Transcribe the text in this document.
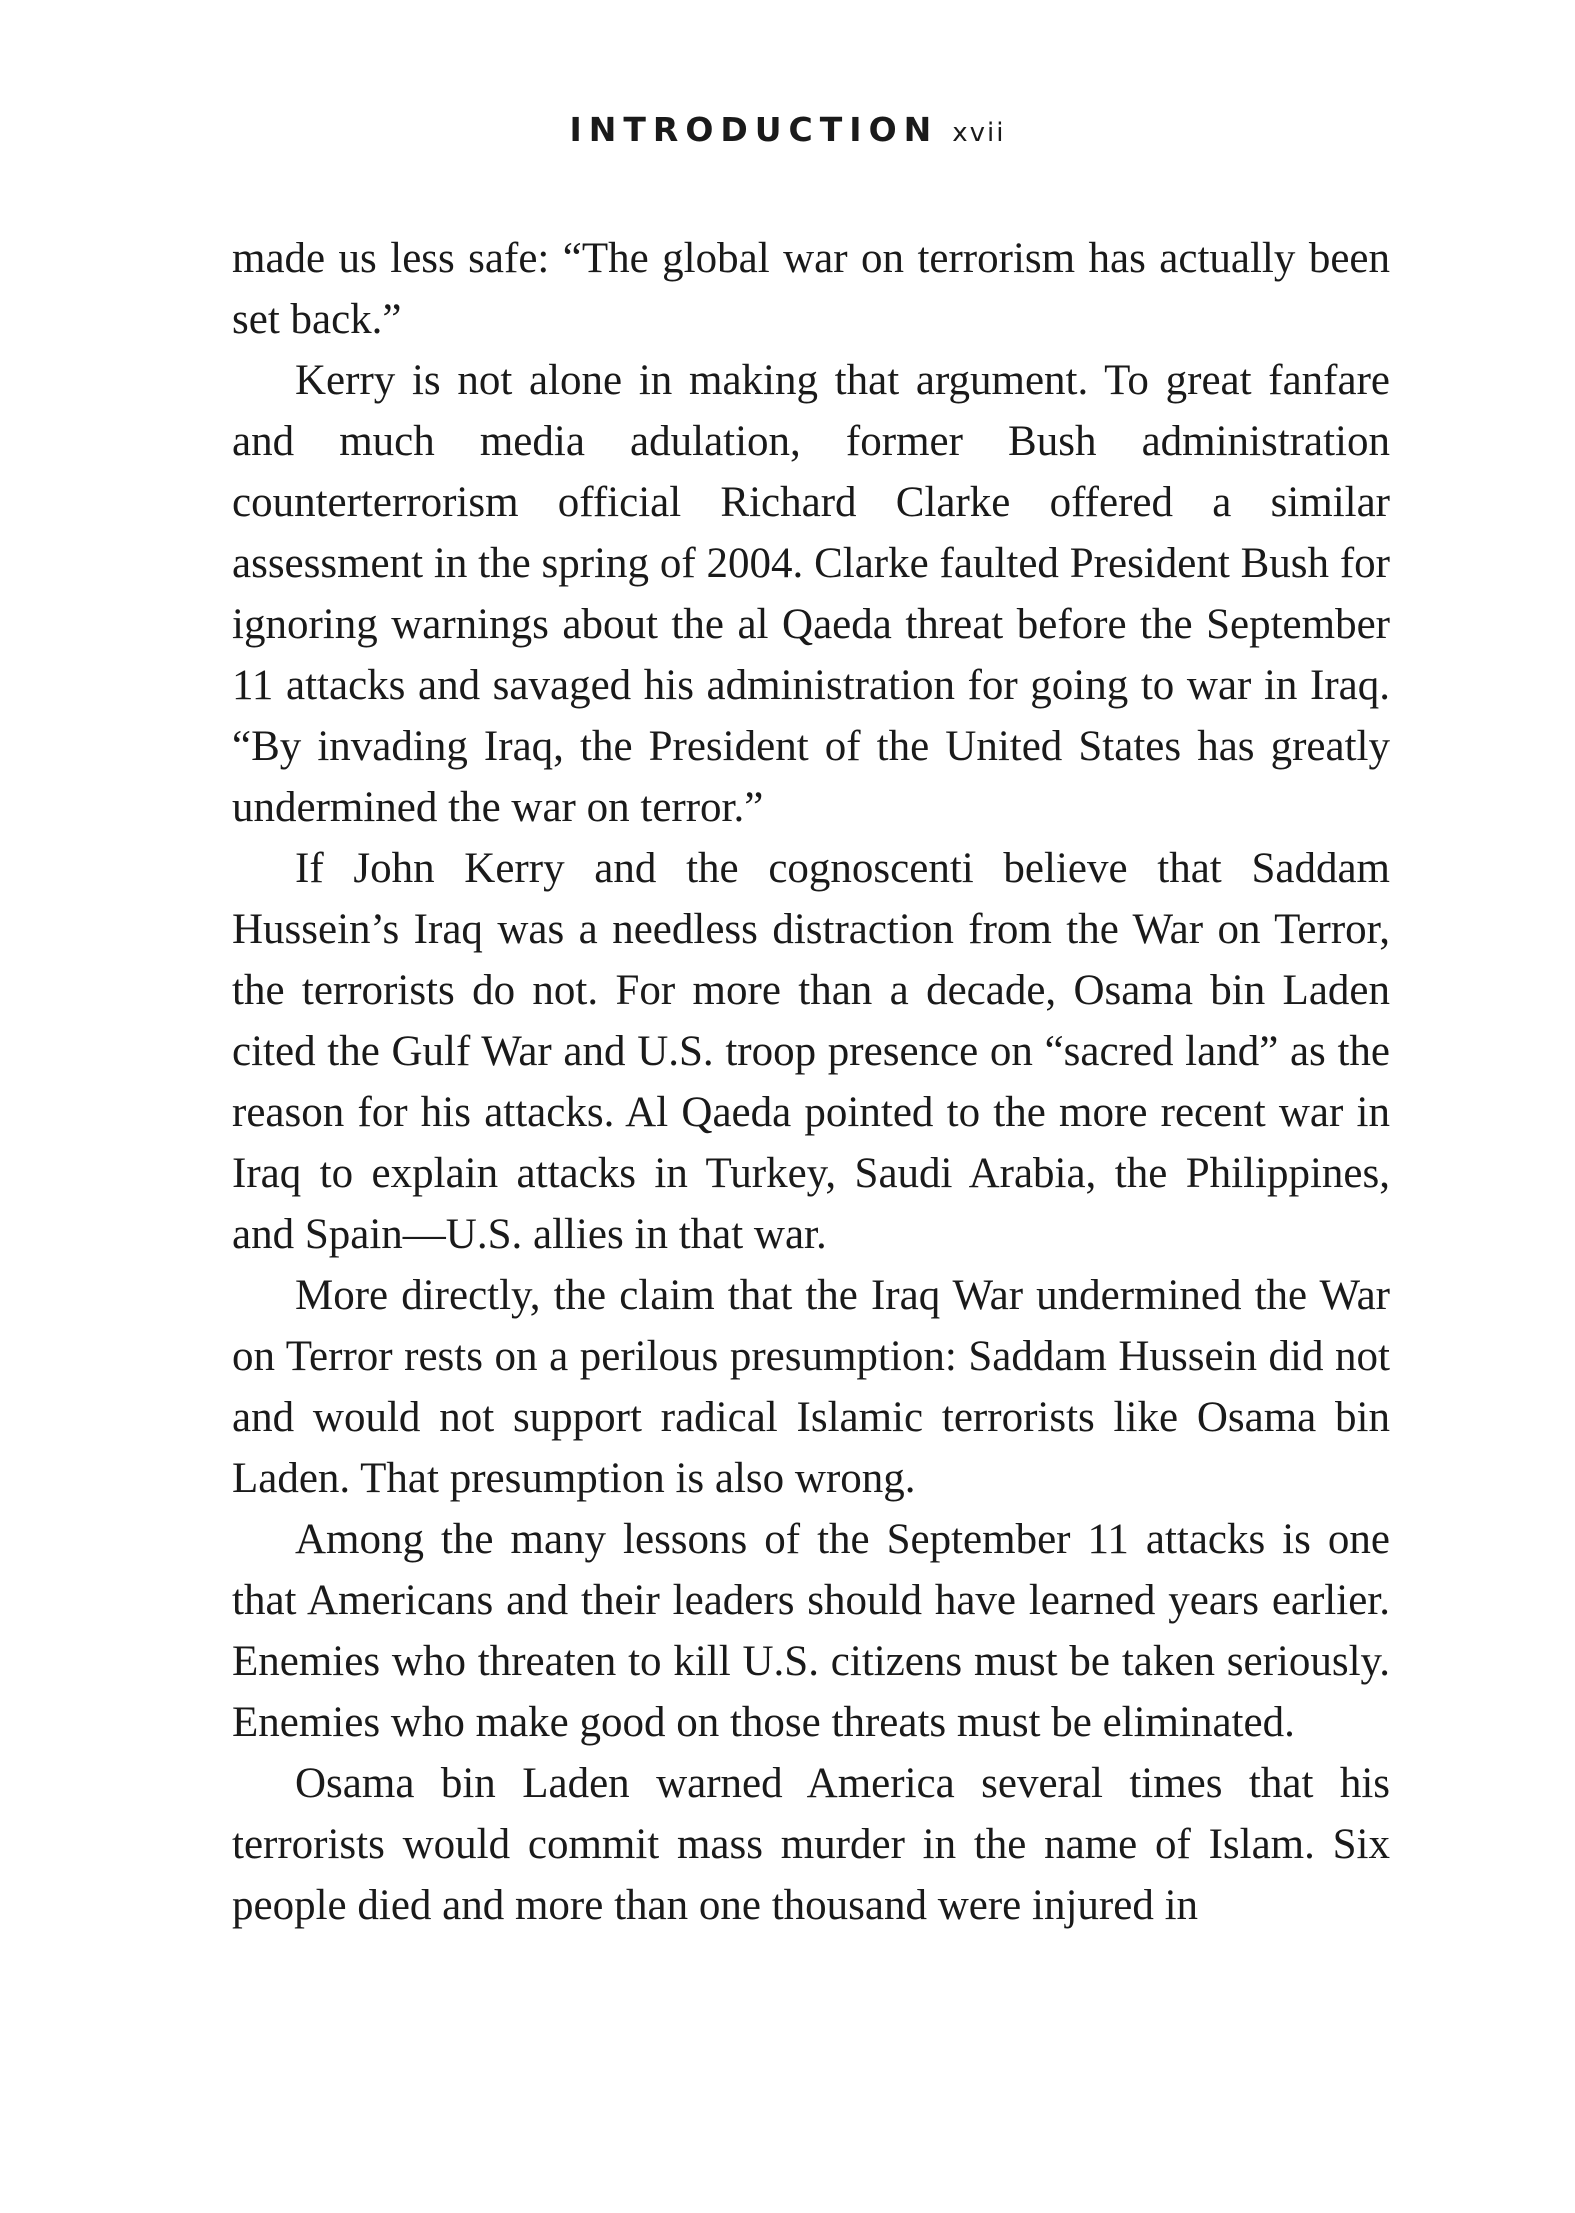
INTRODUCTION xvii

made us less safe: “The global war on terrorism has actually been set back.”

Kerry is not alone in making that argument. To great fanfare and much media adulation, former Bush administration counterterrorism official Richard Clarke offered a similar assessment in the spring of 2004. Clarke faulted President Bush for ignoring warnings about the al Qaeda threat before the September 11 attacks and savaged his administration for going to war in Iraq. “By invading Iraq, the President of the United States has greatly undermined the war on terror.”

If John Kerry and the cognoscenti believe that Saddam Hussein’s Iraq was a needless distraction from the War on Terror, the terrorists do not. For more than a decade, Osama bin Laden cited the Gulf War and U.S. troop presence on “sacred land” as the reason for his attacks. Al Qaeda pointed to the more recent war in Iraq to explain attacks in Turkey, Saudi Arabia, the Philippines, and Spain—U.S. allies in that war.

More directly, the claim that the Iraq War undermined the War on Terror rests on a perilous presumption: Saddam Hussein did not and would not support radical Islamic terrorists like Osama bin Laden. That presumption is also wrong.

Among the many lessons of the September 11 attacks is one that Americans and their leaders should have learned years earlier. Enemies who threaten to kill U.S. citizens must be taken seriously. Enemies who make good on those threats must be eliminated.

Osama bin Laden warned America several times that his terrorists would commit mass murder in the name of Islam. Six people died and more than one thousand were injured in
